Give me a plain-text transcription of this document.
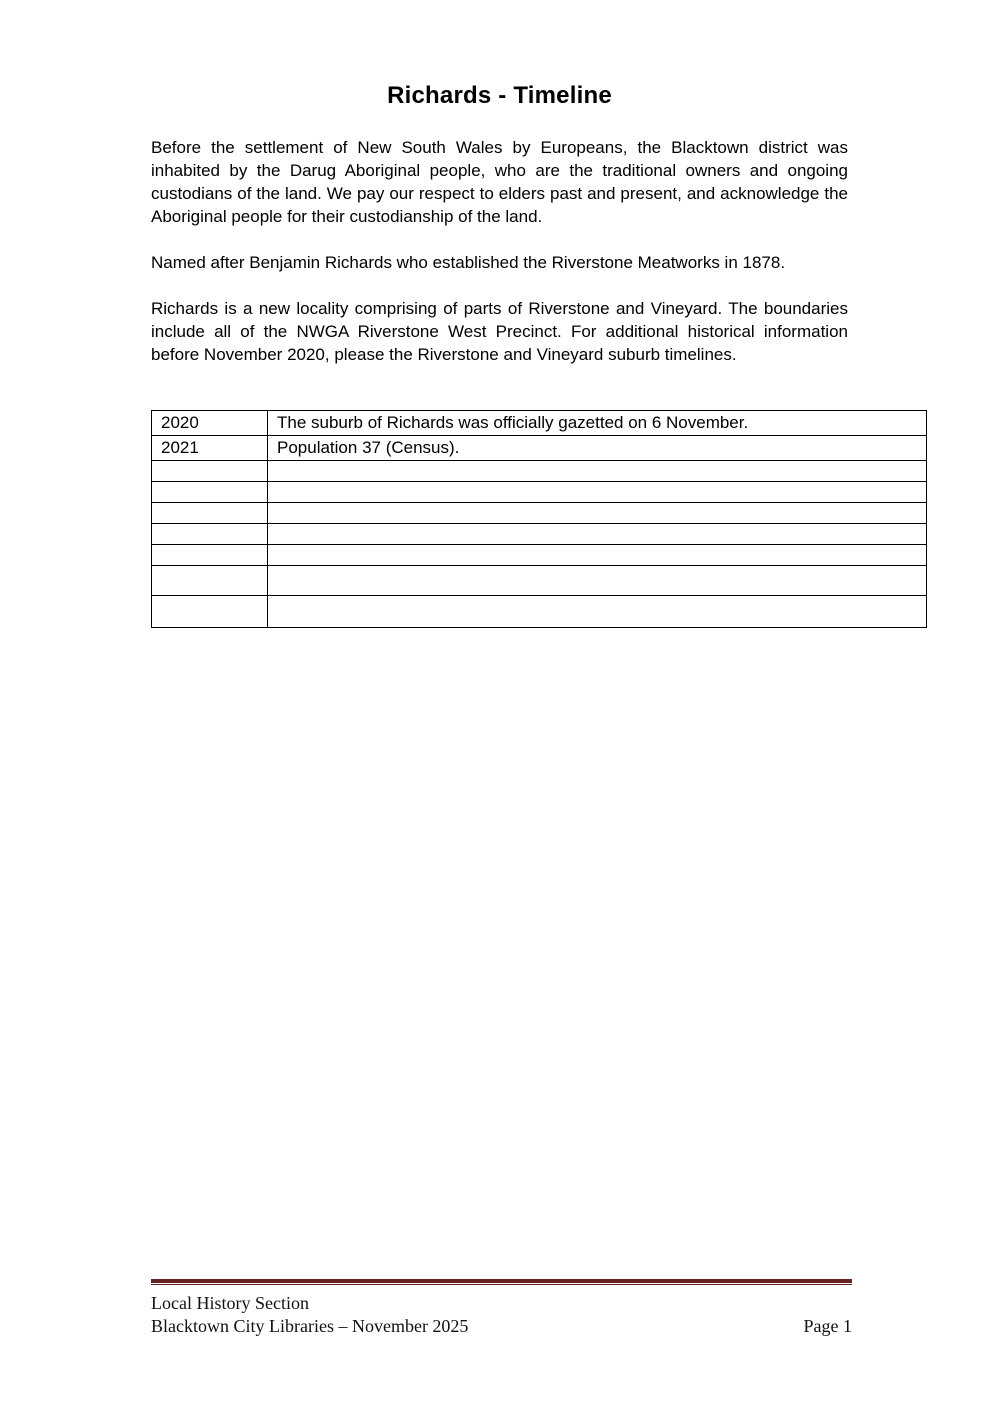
Richards - Timeline

Before the settlement of New South Wales by Europeans, the Blacktown district was inhabited by the Darug Aboriginal people, who are the traditional owners and ongoing custodians of the land. We pay our respect to elders past and present, and acknowledge the Aboriginal people for their custodianship of the land.

Named after Benjamin Richards who established the Riverstone Meatworks in 1878.

Richards is a new locality comprising of parts of Riverstone and Vineyard. The boundaries include all of the NWGA Riverstone West Precinct. For additional historical information before November 2020, please the Riverstone and Vineyard suburb timelines.

2020	The suburb of Richards was officially gazetted on 6 November.
2021	Population 37 (Census).

Local History Section
Blacktown City Libraries – November 2025	Page 1
